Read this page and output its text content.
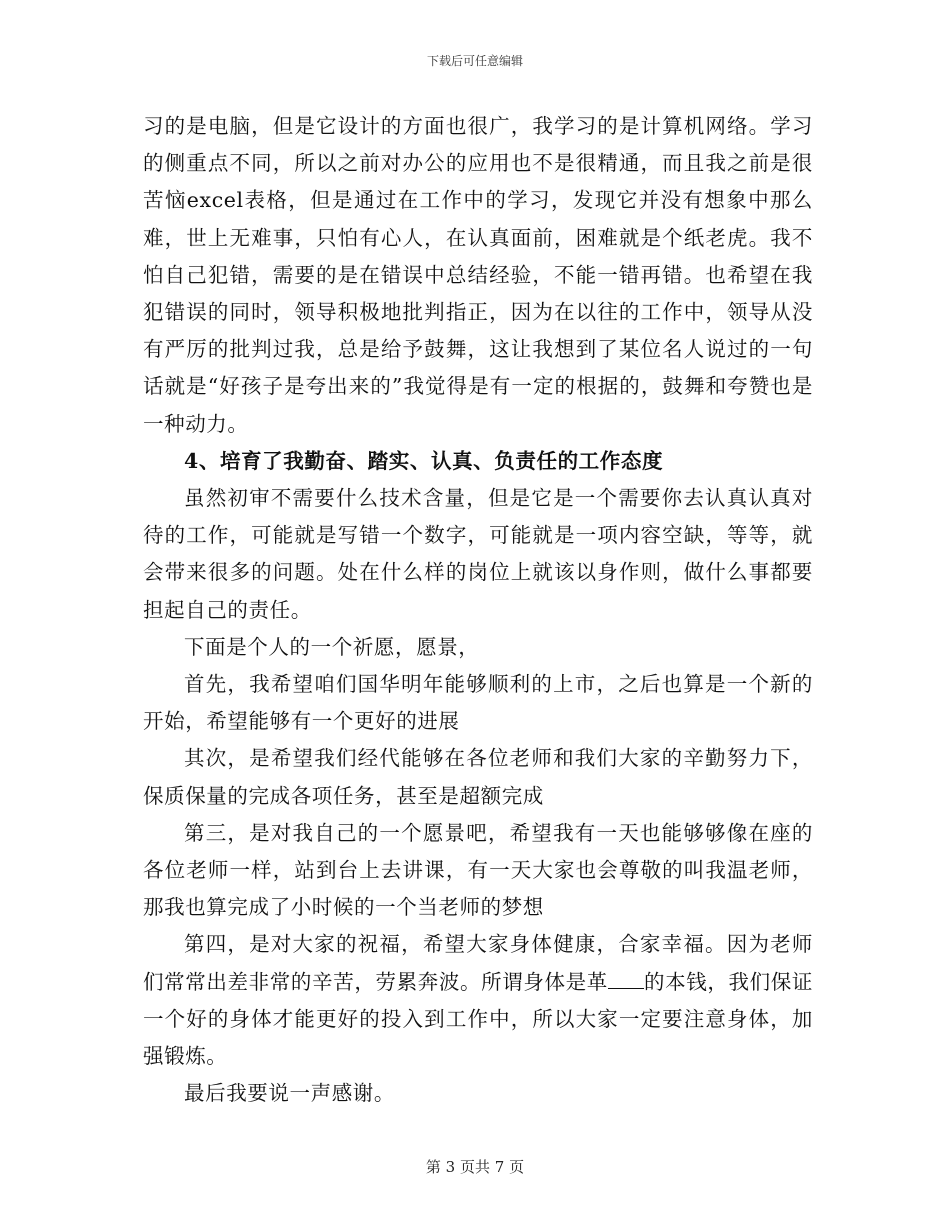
下载后可任意编辑

习的是电脑，但是它设计的方面也很广，我学习的是计算机网络。学习的侧重点不同，所以之前对办公的应用也不是很精通，而且我之前是很苦恼excel表格，但是通过在工作中的学习，发现它并没有想象中那么难，世上无难事，只怕有心人，在认真面前，困难就是个纸老虎。我不怕自己犯错，需要的是在错误中总结经验，不能一错再错。也希望在我犯错误的同时，领导积极地批判指正，因为在以往的工作中，领导从没有严厉的批判过我，总是给予鼓舞，这让我想到了某位名人说过的一句话就是“好孩子是夸出来的”我觉得是有一定的根据的，鼓舞和夸赞也是一种动力。

4、培育了我勤奋、踏实、认真、负责任的工作态度

虽然初审不需要什么技术含量，但是它是一个需要你去认真认真对待的工作，可能就是写错一个数字，可能就是一项内容空缺，等等，就会带来很多的问题。处在什么样的岗位上就该以身作则，做什么事都要担起自己的责任。

下面是个人的一个祈愿，愿景，

首先，我希望咱们国华明年能够顺利的上市，之后也算是一个新的开始，希望能够有一个更好的进展

其次，是希望我们经代能够在各位老师和我们大家的辛勤努力下，保质保量的完成各项任务，甚至是超额完成

第三，是对我自己的一个愿景吧，希望我有一天也能够够像在座的各位老师一样，站到台上去讲课，有一天大家也会尊敬的叫我温老师，那我也算完成了小时候的一个当老师的梦想

第四，是对大家的祝福，希望大家身体健康，合家幸福。因为老师们常常出差非常的辛苦，劳累奔波。所谓身体是革 的本钱，我们保证一个好的身体才能更好的投入到工作中，所以大家一定要注意身体，加强锻炼。

最后我要说一声感谢。

第 3 页共 7 页
